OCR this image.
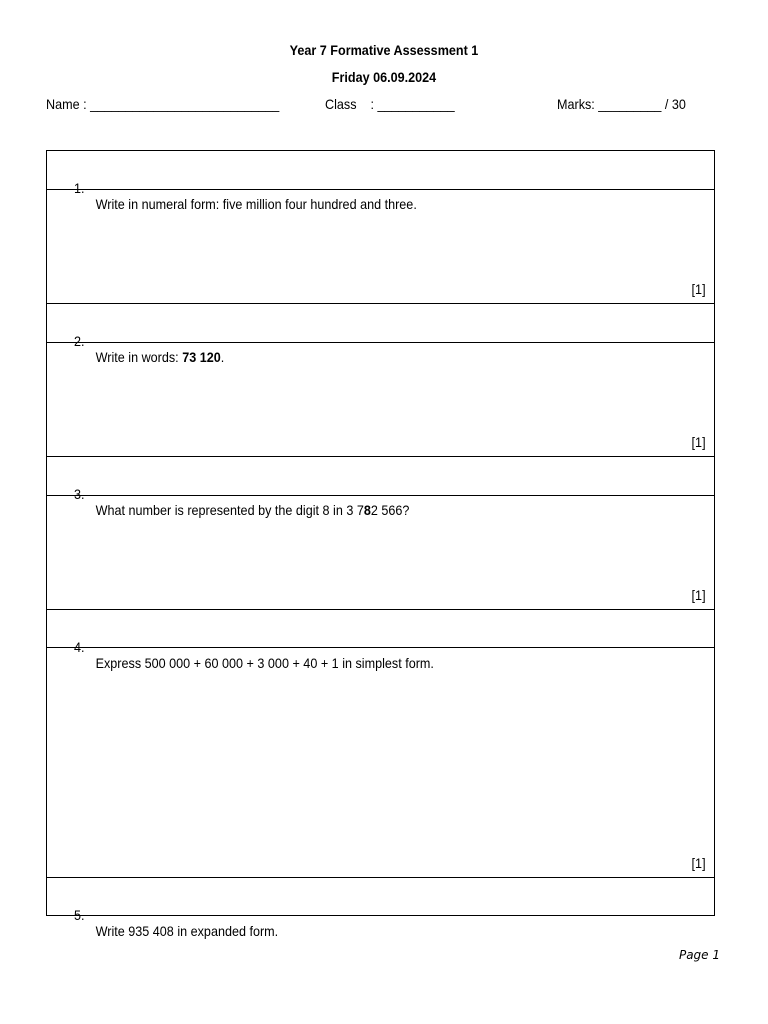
Year 7 Formative Assessment 1
Friday 06.09.2024
Name : ___________________________	Class    : ___________	Marks: _________ / 30

1.

Write in numeral form: five million four hundred and three.

[1]

2.

Write in words: 73 120.

[1]

3.

What number is represented by the digit 8 in 3 782 566?

[1]

4.

Express 500 000 + 60 000 + 3 000 + 40 + 1 in simplest form.

[1]

5.

Write 935 408 in expanded form.

Page 1
